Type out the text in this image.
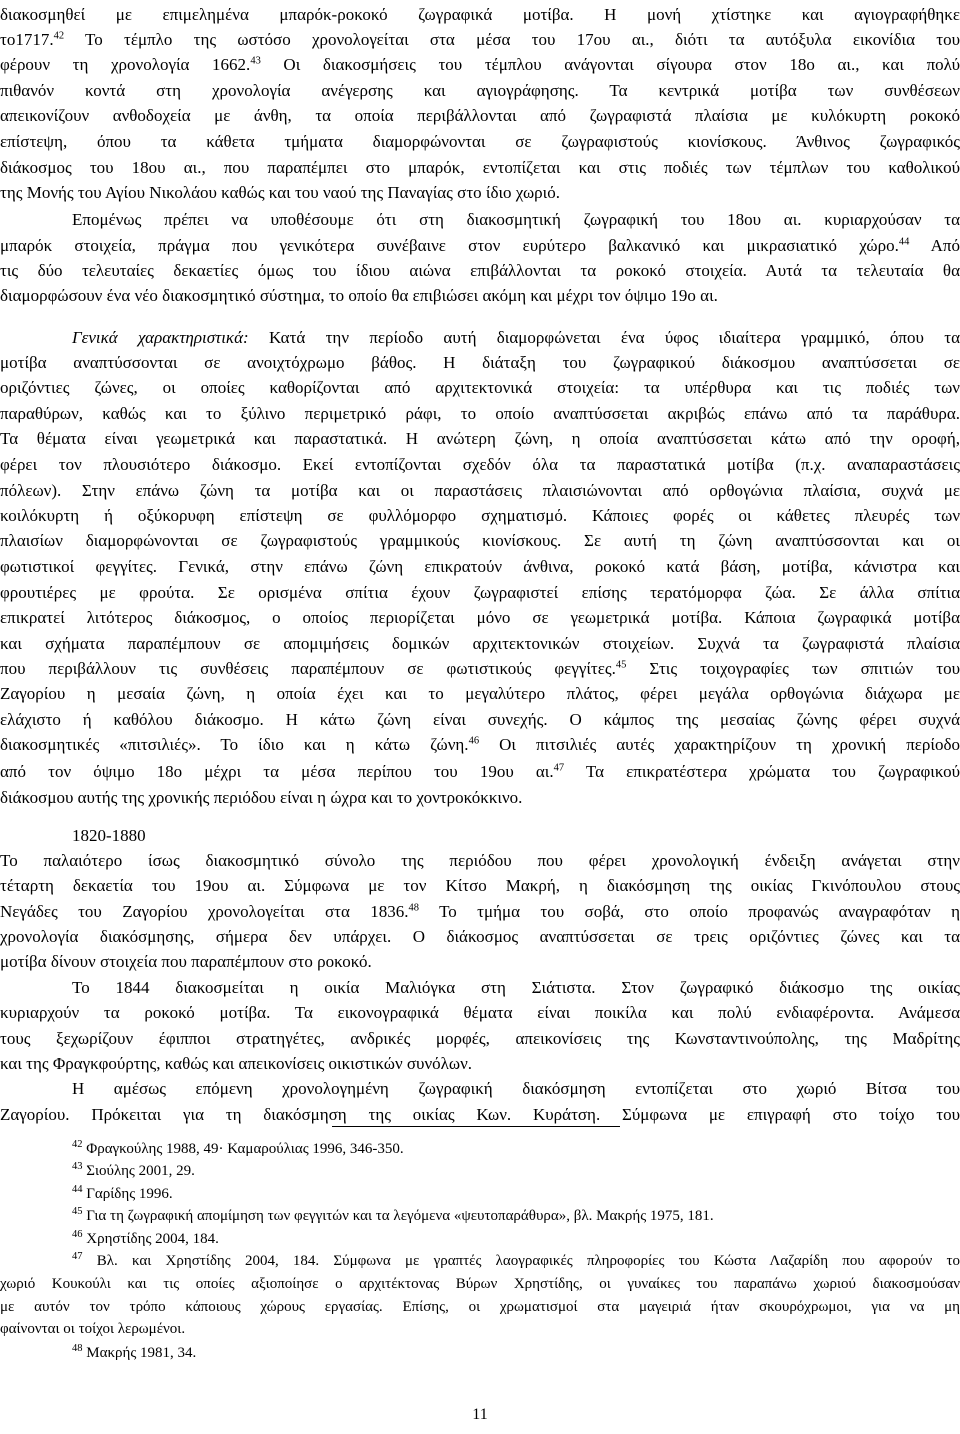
διακοσμηθεί με επιμελημένα μπαρόκ-ροκοκό ζωγραφικά μοτίβα. Η μονή χτίστηκε και αγιογραφήθηκε
το1717.42 Το τέμπλο της ωστόσο χρονολογείται στα μέσα του 17ου αι., διότι τα αυτόξυλα εικονίδια του
φέρουν τη χρονολογία 1662.43 Οι διακοσμήσεις του τέμπλου ανάγονται σίγουρα στον 18ο αι., και πολύ
πιθανόν κοντά στη χρονολογία ανέγερσης και αγιογράφησης. Τα κεντρικά μοτίβα των συνθέσεων
απεικονίζουν ανθοδοχεία με άνθη, τα οποία περιβάλλονται από ζωγραφιστά πλαίσια με κυλόκυρτη ροκοκό
επίστεψη, όπου τα κάθετα τμήματα διαμορφώνονται σε ζωγραφιστούς κιονίσκους. Άνθινος ζωγραφικός
διάκοσμος του 18ου αι., που παραπέμπει στο μπαρόκ, εντοπίζεται και στις ποδιές των τέμπλων του καθολικού
της Μονής του Αγίου Νικολάου καθώς και του ναού της Παναγίας στο ίδιο χωριό.
Επομένως πρέπει να υποθέσουμε ότι στη διακοσμητική ζωγραφική του 18ου αι. κυριαρχούσαν τα
μπαρόκ στοιχεία, πράγμα που γενικότερα συνέβαινε στον ευρύτερο βαλκανικό και μικρασιατικό χώρο.$^{44}$ Από
τις δύο τελευταίες δεκαετίες όμως του ίδιου αιώνα επιβάλλονται τα ροκοκό στοιχεία. Αυτά τα τελευταία θα
διαμορφώσουν ένα νέο διακοσμητικό σύστημα, το οποίο θα επιβιώσει ακόμη και μέχρι τον όψιμο 19ο αι.
Γενικά χαρακτηριστικά: Κατά την περίοδο αυτή διαμορφώνεται ένα ύφος ιδιαίτερα γραμμικό, όπου τα
μοτίβα αναπτύσσονται σε ανοιχτόχρωμο βάθος. Η διάταξη του ζωγραφικού διάκοσμου αναπτύσσεται σε
οριζόντιες ζώνες, οι οποίες καθορίζονται από αρχιτεκτονικά στοιχεία: τα υπέρθυρα και τις ποδιές των
παραθύρων, καθώς και το ξύλινο περιμετρικό ράφι, το οποίο αναπτύσσεται ακριβώς επάνω από τα παράθυρα.
Τα θέματα είναι γεωμετρικά και παραστατικά. Η ανώτερη ζώνη, η οποία αναπτύσσεται κάτω από την οροφή,
φέρει τον πλουσιότερο διάκοσμο. Εκεί εντοπίζονται σχεδόν όλα τα παραστατικά μοτίβα (π.χ. αναπαραστάσεις
πόλεων). Στην επάνω ζώνη τα μοτίβα και οι παραστάσεις πλαισιώνονται από ορθογώνια πλαίσια, συχνά με
κοιλόκυρτη ή οξύκορυφη επίστεψη σε φυλλόμορφο σχηματισμό. Κάποιες φορές οι κάθετες πλευρές των
πλαισίων διαμορφώνονται σε ζωγραφιστούς γραμμικούς κιονίσκους. Σε αυτή τη ζώνη αναπτύσσονται και οι
φωτιστικοί φεγγίτες. Γενικά, στην επάνω ζώνη επικρατούν άνθινα, ροκοκό κατά βάση, μοτίβα, κάνιστρα και
φρουτιέρες με φρούτα. Σε ορισμένα σπίτια έχουν ζωγραφιστεί επίσης τερατόμορφα ζώα. Σε άλλα σπίτια
επικρατεί λιτότερος διάκοσμος, ο οποίος περιορίζεται μόνο σε γεωμετρικά μοτίβα. Κάποια ζωγραφικά μοτίβα
και σχήματα παραπέμπουν σε απομιμήσεις δομικών αρχιτεκτονικών στοιχείων. Συχνά τα ζωγραφιστά πλαίσια
που περιβάλλουν τις συνθέσεις παραπέμπουν σε φωτιστικούς φεγγίτες.$^{45}$ Στις τοιχογραφίες των σπιτιών του
Ζαγορίου η μεσαία ζώνη, η οποία έχει και το μεγαλύτερο πλάτος, φέρει μεγάλα ορθογώνια διάχωρα με
ελάχιστο ή καθόλου διάκοσμο. Η κάτω ζώνη είναι συνεχής. Ο κάμπος της μεσαίας ζώνης φέρει συχνά
διακοσμητικές «πιτσιλιές». Το ίδιο και η κάτω ζώνη.$^{46}$ Οι πιτσιλιές αυτές χαρακτηρίζουν τη χρονική περίοδο
από τον όψιμο 18ο μέχρι τα μέσα περίπου του 19ου αι.$^{47}$ Τα επικρατέστερα χρώματα του ζωγραφικού
διάκοσμου αυτής της χρονικής περιόδου είναι η ώχρα και το χοντροκόκκινο.
1820-1880
Το παλαιότερο ίσως διακοσμητικό σύνολο της περιόδου που φέρει χρονολογική ένδειξη ανάγεται στην
τέταρτη δεκαετία του 19ου αι. Σύμφωνα με τον Κίτσο Μακρή, η διακόσμηση της οικίας Γκινόπουλου στους
Νεγάδες του Ζαγορίου χρονολογείται στα 1836.48 Το τμήμα του σοβά, στο οποίο προφανώς αναγραφόταν η
χρονολογία διακόσμησης, σήμερα δεν υπάρχει. Ο διάκοσμος αναπτύσσεται σε τρεις οριζόντιες ζώνες και τα
μοτίβα δίνουν στοιχεία που παραπέμπουν στο ροκοκό.
Το 1844 διακοσμείται η οικία Μαλιόγκα στη Σιάτιστα. Στον ζωγραφικό διάκοσμο της οικίας
κυριαρχούν τα ροκοκό μοτίβα. Τα εικονογραφικά θέματα είναι ποικίλα και πολύ ενδιαφέροντα. Ανάμεσα
τους ξεχωρίζουν έφιπποι στρατηγέτες, ανδρικές μορφές, απεικονίσεις της Κωνσταντινούπολης, της Μαδρίτης
και της Φραγκφούρτης, καθώς και απεικονίσεις οικιστικών συνόλων.
Η αμέσως επόμενη χρονολογημένη ζωγραφική διακόσμηση εντοπίζεται στο χωριό Βίτσα του
Ζαγορίου. Πρόκειται για τη διακόσμηση της οικίας Κων. Κυράτση. Σύμφωνα με επιγραφή στο τοίχο του
$^{42}$ Φραγκούλης 1988, 49· Καμαρούλιας 1996, 346-350.
$^{43}$ Σιούλης 2001, 29.
$^{44}$ Γαρίδης 1996.
$^{45}$ Για τη ζωγραφική απομίμηση των φεγγιτών και τα λεγόμενα «ψευτοπαράθυρα», βλ. Μακρής 1975, 181.
$^{46}$ Χρηστίδης 2004, 184.
$^{47}$ Βλ. και Χρηστίδης 2004, 184. Σύμφωνα με γραπτές λαογραφικές πληροφορίες του Κώστα Λαζαρίδη που αφορούν το
χωριό Κουκούλι και τις οποίες αξιοποίησε ο αρχιτέκτονας Βύρων Χρηστίδης, οι γυναίκες του παραπάνω χωριού διακοσμούσαν
με αυτόν τον τρόπο κάποιους χώρους εργασίας. Επίσης, οι χρωματισμοί στα μαγειριά ήταν σκουρόχρωμοι, για να μη
φαίνονται οι τοίχοι λερωμένοι.
$^{48}$ Μακρής 1981, 34.
11
